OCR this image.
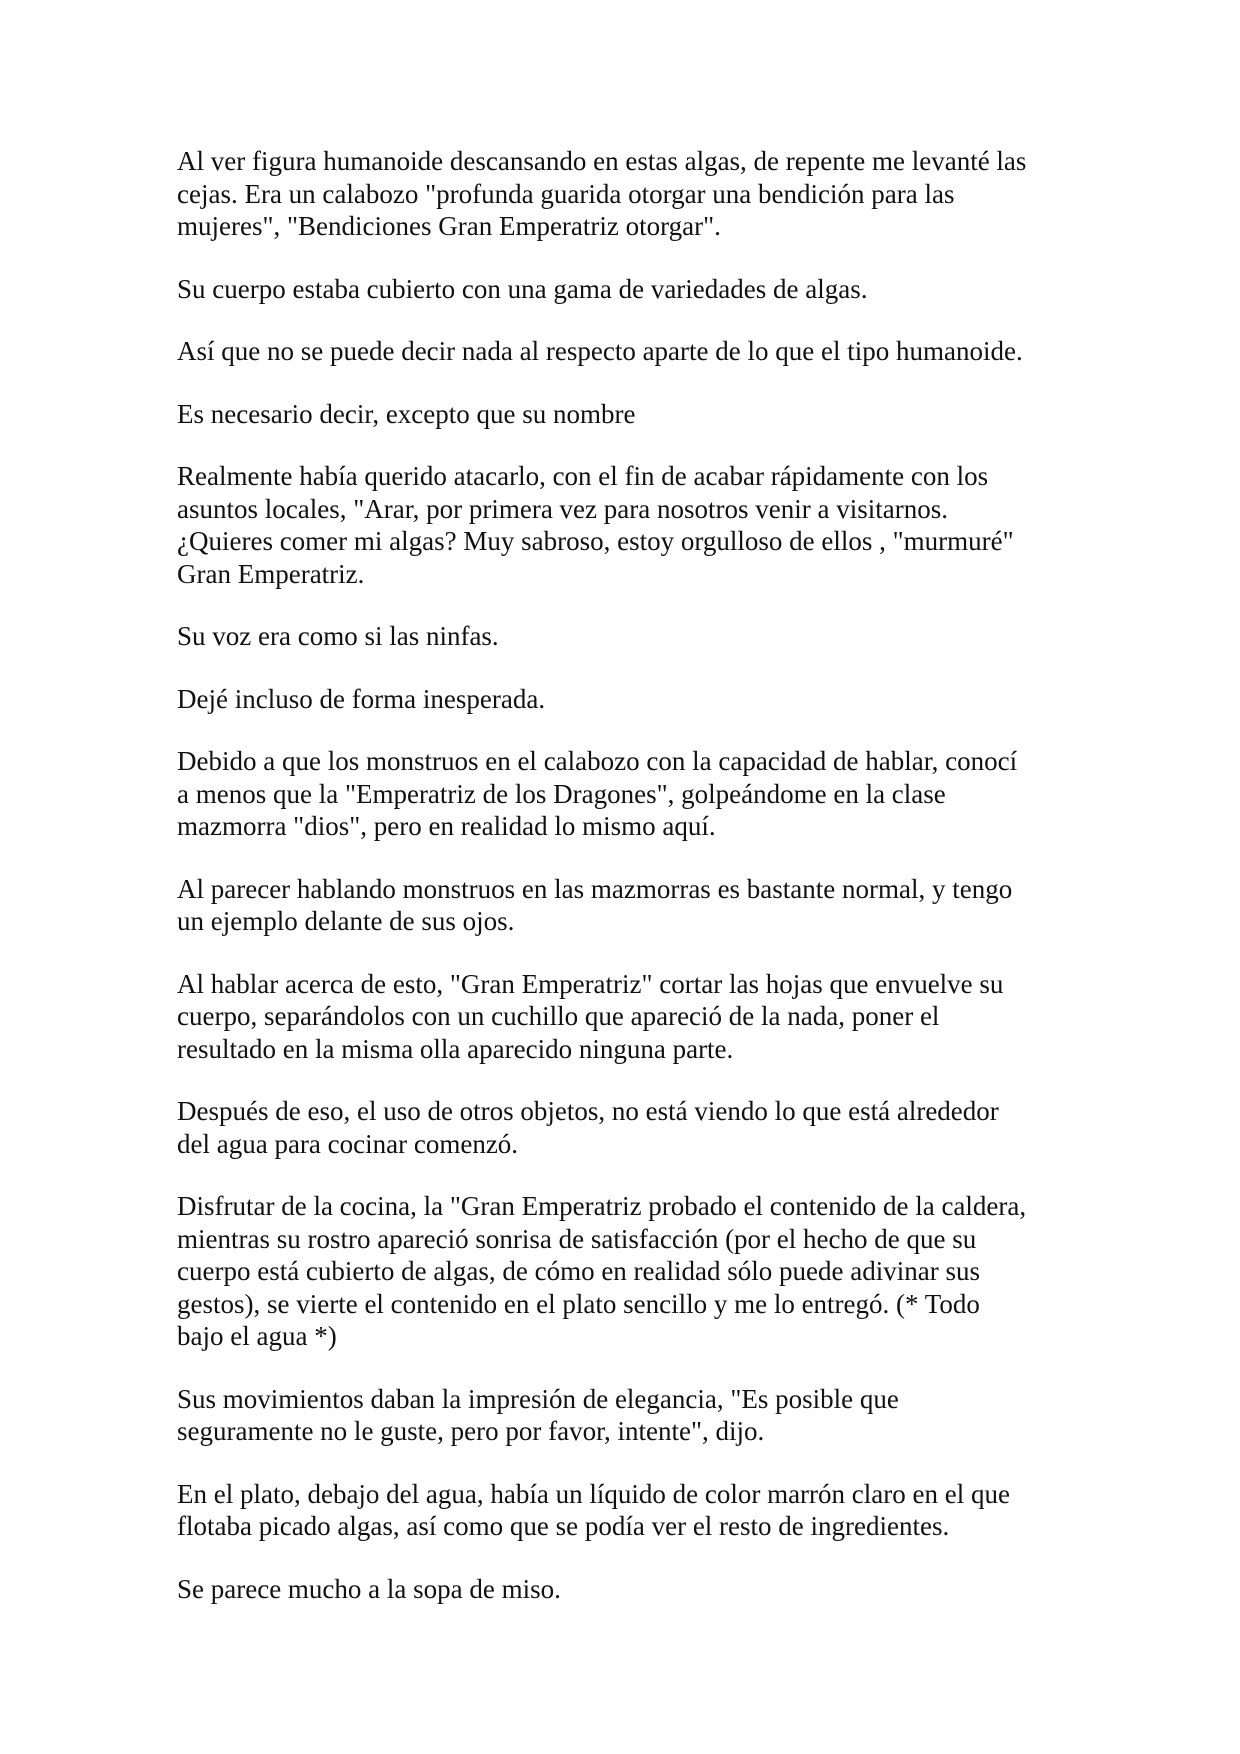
Al ver figura humanoide descansando en estas algas, de repente me levanté las
cejas. Era un calabozo "profunda guarida otorgar una bendición para las
mujeres", "Bendiciones Gran Emperatriz otorgar".

Su cuerpo estaba cubierto con una gama de variedades de algas.

Así que no se puede decir nada al respecto aparte de lo que el tipo humanoide.

Es necesario decir, excepto que su nombre

Realmente había querido atacarlo, con el fin de acabar rápidamente con los
asuntos locales, "Arar, por primera vez para nosotros venir a visitarnos.
¿Quieres comer mi algas? Muy sabroso, estoy orgulloso de ellos , "murmuré"
Gran Emperatriz.

Su voz era como si las ninfas.

Dejé incluso de forma inesperada.

Debido a que los monstruos en el calabozo con la capacidad de hablar, conocí
a menos que la "Emperatriz de los Dragones", golpeándome en la clase
mazmorra "dios", pero en realidad lo mismo aquí.

Al parecer hablando monstruos en las mazmorras es bastante normal, y tengo
un ejemplo delante de sus ojos.

Al hablar acerca de esto, "Gran Emperatriz" cortar las hojas que envuelve su
cuerpo, separándolos con un cuchillo que apareció de la nada, poner el
resultado en la misma olla aparecido ninguna parte.

Después de eso, el uso de otros objetos, no está viendo lo que está alrededor
del agua para cocinar comenzó.

Disfrutar de la cocina, la "Gran Emperatriz probado el contenido de la caldera,
mientras su rostro apareció sonrisa de satisfacción (por el hecho de que su
cuerpo está cubierto de algas, de cómo en realidad sólo puede adivinar sus
gestos), se vierte el contenido en el plato sencillo y me lo entregó. (* Todo
bajo el agua *)

Sus movimientos daban la impresión de elegancia, "Es posible que
seguramente no le guste, pero por favor, intente", dijo.

En el plato, debajo del agua, había un líquido de color marrón claro en el que
flotaba picado algas, así como que se podía ver el resto de ingredientes.

Se parece mucho a la sopa de miso.
